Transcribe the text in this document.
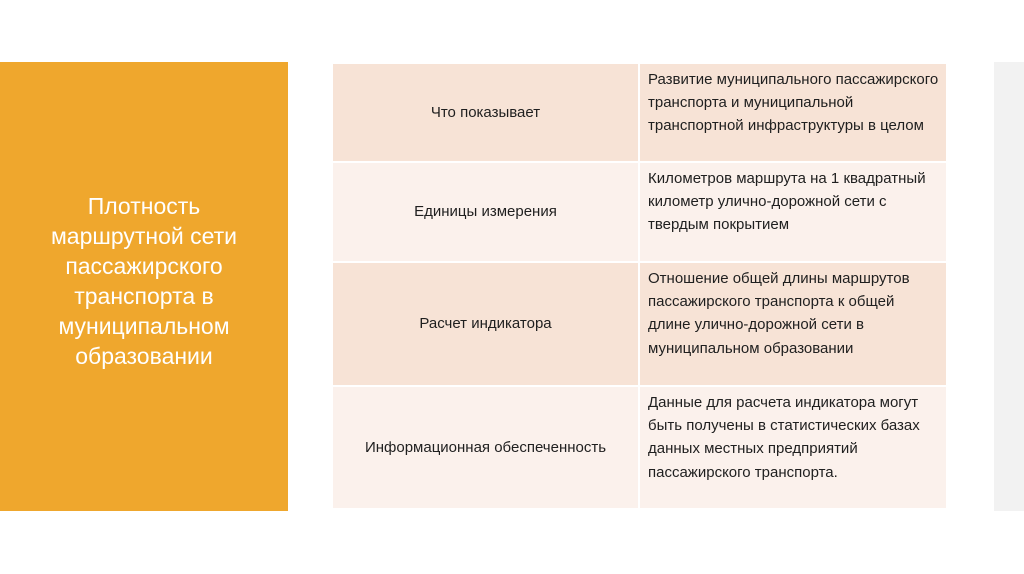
Плотность маршрутной сети пассажирского транспорта в муниципальном образовании
Что показывает
Развитие муниципального пассажирского транспорта и муниципальной транспортной инфраструктуры в целом
Единицы измерения
Километров маршрута на 1 квадратный километр улично-дорожной сети с твердым покрытием
Расчет индикатора
Отношение общей длины маршрутов пассажирского транспорта к общей длине улично-дорожной сети в муниципальном образовании
Информационная обеспеченность
Данные для расчета индикатора могут быть получены в статистических базах данных местных предприятий пассажирского транспорта.
